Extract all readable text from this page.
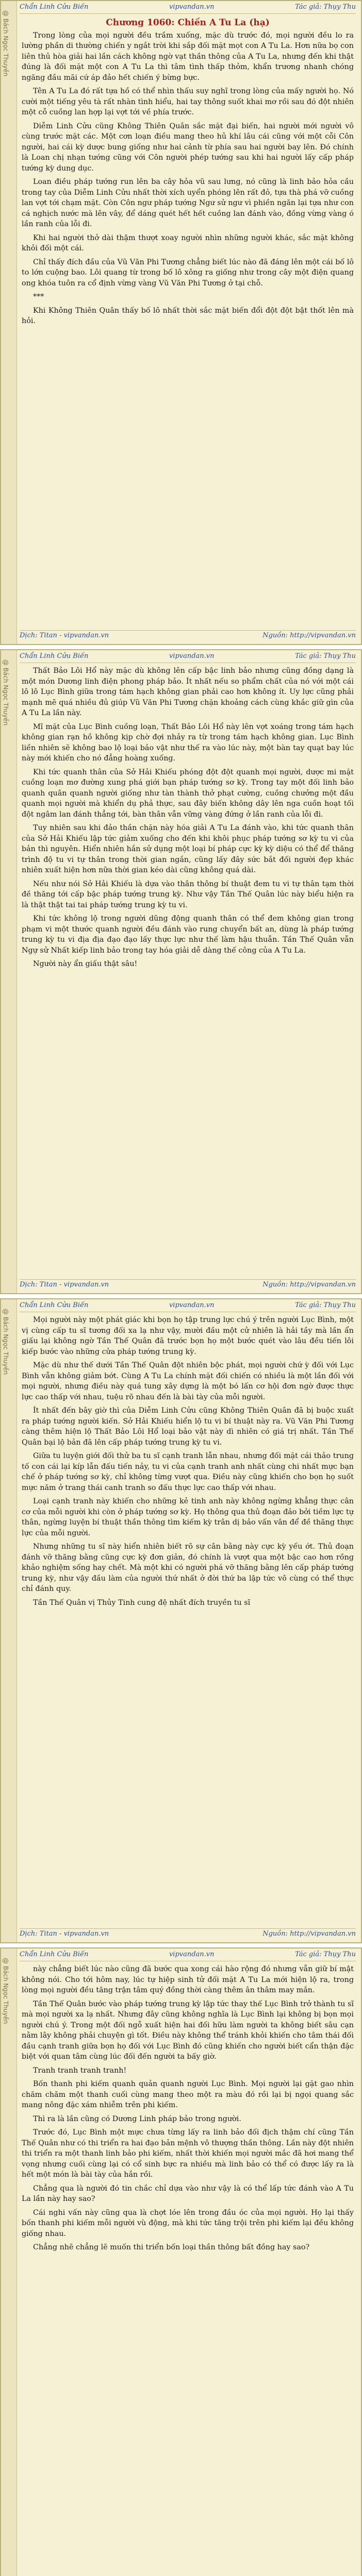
@ Bách Ngọc Thuyền
Chẩn Linh Cửu Biến	vipvandan.vn	Tác giả: Thụy Thu
Chương 1060: Chiến A Tu La (hạ)

Trong lòng của mọi người đều trầm xuống, mặc dù trước đó, mọi người đều lo ra lường phần di thường chiến y ngắt trời khi sắp đối mặt mọt con A Tu La. Hơn nữa bọ con liên thủ hòa giải hai lần cách không ngờ vạt thần thông của A Tu La, nhưng đến khi thật đúng là đối mặt một con A Tu La thì tâm tình thấp thỏm, khẩn trương nhanh chóng ngăng đầu mãi cứ áp đảo hết chiến ý bừng bực.

Tên A Tu La đó rất tựa hồ có thể nhìn thấu suy nghĩ trong lòng của mấy người họ. Nó cười một tiếng yêu tà rất nhàn tình hiểu, hai tay thông suốt khai mơ rồi sau đó đột nhiên một cỗ cuồng lan hợp lại vợt tới về phía trước.

Diễm Linh Cửu cũng Không Thiên Quân sắc mặt đại biến, hai người mới người vô cùng trước mặt các. Một cơn loạn điều mang theo hủ khí lâu cái cũng với một cỗi Côn người, hai cái kỳ dược bung giống như hai cảnh từ phía sau hai người bay lên. Đó chính là Loan chị nhạn tướng cũng với Côn người phép tướng sau khi hai người lấy cấp pháp tướng kỳ dung dục.

Loan điều pháp tướng run lên ba cây hỏa vũ sau lưng, nó cũng là linh bảo hỏa cầu trong tay của Diễm Linh Cửu nhất thời xích uyển phóng lên rất đỏ, tựa thà phá vỡ cuồng lan vợt tới chạm mặt. Còn Côn ngư pháp tướng Ngư sử ngư vì phiền ngăn lại tựa như con cá nghịch nước mà lên vây, để dáng quét hết hết cuồng lan đánh vào, đồng vừng vàng ó lần ranh của lỗi đi.

Khi hai người thở dài thậm thượt xoay người nhìn những người khác, sắc mặt không khỏi đối một cái.

Chỉ thấy đích đầu của Vũ Văn Phi Tương chẳng biết lúc nào đã đáng lên một cái bố lô to lớn cuộng bao. Lôi quang từ trong bố lô xông ra giống như trong cây một điện quang ong khóa tuôn ra cổ định vừng vàng Vũ Văn Phi Tương ở tại chỗ.

***

Khi Không Thiên Quân thấy bố lô nhất thời sắc mặt biến đổi đột đột bật thốt lên mà hỏi.

Dịch: Titan - vipvandan.vn	Nguồn: http://vipvandan.vn
@ Bách Ngọc Thuyền
Chẩn Linh Cửu Biến	vipvandan.vn	Tác giả: Thụy Thu

Thất Bảo Lôi Hổ này mặc dù không lên cấp bậc linh bảo nhưng cũng đồng dạng là một món Dương linh điện phong pháp bảo. Ít nhất nếu so phẩm chất của nó với một cái lô lô Lục Bình giữa trong tám hạch không gian phải cao hơn không ít. Uy lực cũng phải mạnh mẽ quá nhiều đủ giúp Vũ Văn Phi Tương chặn khoảng cách cùng khắc giữ gìn của A Tu La lần này.

Mĩ mặt của Lục Bình cuồng loạn, Thất Bảo Lôi Hổ này lên vợt xoáng trong tám hạch không gian rạn hồ không kịp chờ đợi nhảy ra từ trong tám hạch không gian. Lục Bình liền nhiên sẽ không bao lộ loại bảo vật như thế ra vào lúc này, một bàn tay quạt bay lúc này mới khiến cho nó đẳng hoàng xuống.

Khi tức quanh thân của Sở Hải Khiếu phóng đột đột quanh mọi người, dược mi mặt cuồng loạn mơ đường xung phá giới bạn pháp tướng sơ kỳ. Trong tay một đối linh bảo quanh quân quanh người giống như tàn thành thở phạt cường, cuồng chưởng một đầu quanh mọi người mà khiển dụ phả thực, sau đây biến không dây lên nga cuồn hoạt tối đột ngâm lan đánh thẳng tới, bàn thân vẫn vững vàng đứng ở lần ranh của lỗi đi.

Tuy nhiên sau khi đảo thần chặn này hóa giải A Tu La đánh vào, khi tức quanh thân của Sở Hải Khiếu lập tức giảm xuống cho đến khi khôi phục pháp tướng sơ kỳ tu vi của bản thì nguyên. Hiển nhiên hắn sử dụng một loại bí pháp cực kỳ kỳ diệu có thể để thăng trình độ tu vi tự thân trong thời gian ngắn, cũng lấy đây sức bắt đối người đẹp khác nhiên xuất hiện hơn nữa thời gian kéo dài cũng không quá dài.

Nếu như nói Sở Hải Khiếu là dựa vào thân thông bí thuật đem tu vi tự thân tạm thời đề thăng tới cấp bậc pháp tướng trung kỳ. Như vậy Tần Thế Quân lúc này biểu hiện ra là thật thật tai tai pháp tướng trung kỳ tu vi.

Khi tức không lộ trong người dũng động quanh thân có thể đem không gian trong phạm vi một thước quanh người đều đánh vào rung chuyển bất an, dùng là pháp tướng trung kỳ tu vi địa địa đạo đạo lấy thực lực như thế làm hậu thuẫn. Tần Thế Quân vẫn Ngự sử Nhất kiếp linh bảo trong tay hóa giải dễ dàng thế công của A Tu La.

Người này ẩn giấu thật sâu!

Dịch: Titan - vipvandan.vn	Nguồn: http://vipvandan.vn
@ Bách Ngọc Thuyền
Chẩn Linh Cửu Biến	vipvandan.vn	Tác giả: Thụy Thu

Mọi người này một phát giác khi bọn họ tập trung lực chú ý trên người Lục Bình, một vị cùng cấp tu sĩ tương đối xa lạ như vậy, mười đầu một cử nhiên là hải tầy mà lần ẩn giấu lại không ngờ Tần Thế Quân đã trước bọn họ một bước quét vào lâu đều tiến lôi kiếp bước vào những cửa pháp tướng trung kỳ.

Mặc dù như thế dưới Tần Thế Quân đột nhiên bộc phát, mọi người chứ ỳ đối với Lục Bình vẫn không giảm bớt. Cùng A Tu La chính mặt đối chiến có nhiều là một lần đối với mọi người, nhưng điều này quá tung xây dựng là một bó lấn cơ hội đơn ngờ được thực lực cao thấp với nhau, tuệu rõ nhau đến là bài tày của mỗi người.

Ít nhất đến bây giờ thì của Diễm Linh Cửu cũng Không Thiên Quân đã bị buộc xuất ra pháp tướng người kiến. Sở Hải Khiếu hiển lộ tu vi bí thuật này ra. Vũ Văn Phi Tương càng thêm hiện lộ Thất Bảo Lôi Hổ loại bảo vật này dì nhiên có giá trị nhất. Tần Thế Quân bại lộ bản đã lên cấp pháp tướng trung kỳ tu vi.

Giữa tu luyện giới đối thử ba tu sĩ cạnh tranh lẫn nhau, nhưng đối mặt cái thảo trung tố con cái lại kíp lẫn đấu tiến nảy, tu vi của cạnh tranh anh nhất cùng chi nhất mực bạn chế ở pháp tướng sơ kỳ, chỉ không từng vượt qua. Điều này cũng khiến cho bọn họ suốt mực năm ở trang thái canh tranh so đấu thực lực cao thấp với nhau.

Loại cạnh tranh này khiến cho những kẻ tinh anh này không ngừng khẳng thực cân cơ của mỗi người khi còn ở pháp tướng sơ kỳ. Họ thông qua thủ đoạn đảo bởi tiềm lực tự thân, ngừng luyện bí thuật thần thông tìm kiếm kỳ trân dị bảo vấn vân để đề thăng thực lực của mỗi người.

Nhưng những tu sĩ này hiển nhiên biết rõ sự cân bằng này cực kỳ yếu ớt. Thủ đoạn đánh vỡ thăng bằng cũng cực kỳ đơn giản, đó chính là vượt qua một bậc cao hơn rồng khảo nghiệm sống hay chết. Mà một khi có người phá vỡ thăng bằng lên cấp pháp tướng trung kỳ, như vậy đầu làm của người thứ nhất ở đời thứ ba lập tức vô cùng có thể thực chỉ đánh quy.

Tần Thế Quân vị Thủy Tinh cung đệ nhất đích truyền tu sĩ

Dịch: Titan - vipvandan.vn	Nguồn: http://vipvandan.vn
@ Bách Ngọc Thuyền
Chẩn Linh Cửu Biến	vipvandan.vn	Tác giả: Thụy Thu

này chẳng biết lúc nào cũng đã bước qua xong cái hào rộng đó nhưng vẫn giữ bí mật không nói. Cho tới hôm nay, lúc tự hiệp sinh tử đối mặt A Tu La mới hiện lộ ra, trong lòng mọi người đều tăng trận tâm quý đồng thời càng thêm ân thâm may mắn.

Tần Thế Quân bước vào pháp tướng trung kỳ lập tức thay thế Lục Bình trở thành tu sĩ mà mọi người xa lạ nhất. Nhưng đây cũng không nghĩa là Lục Bình lại không bị bọn mọi người chú ý. Trong một đối ngỗ xuất hiện hai đối hữu làm người ta không biết sâu cạn nằm lây không phải chuyện gì tốt. Điều này không thể tránh khỏi khiến cho tâm thái đối đầu cạnh tranh giữa bọn họ đối với Lục Bình đó cũng khiến cho người biết cẩn thận đặc biệt với quan tâm cùng lúc đối đến người ta bấy giờ.

Tranh tranh tranh tranh!

Bốn thanh phi kiếm quanh quản quanh người Lục Bình. Mọi người lại gặt gao nhìn chăm chăm một thanh cuối cùng mang theo một ra màu đó rồi lại bị ngọi quang sắc mang nông đặc xám nhiễm trên phi kiếm.

Thì ra là lần cũng có Dương Linh pháp bảo trong người.

Trước đó, Lục Bình một mực chưa từng lấy ra linh bảo đối địch thậm chí cũng Tần Thế Quân như có thi triển ra hai đạo bản mệnh vô thượng thần thông. Lần này đột nhiên thi triển ra một thanh linh bảo phi kiếm, nhất thời khiến mọi người mắc đã hơi mang thể vọng nhưng cuối cùng lại có cổ sinh bực ra nhiều mà linh bảo có thể có được lấy ra là hết một món là bài tày của hắn rồi.

Chẳng qua là người đó tin chắc chỉ dựa vào như vậy là có thể lấp tức đánh vào A Tu La lần này hay sao?

Cái nghi vấn này cũng qua là chợt lóe lên trong đầu óc của mọi người. Họ lại thấy bốn thanh phi kiếm mỗi người vù động, mà khi tức tăng trội trên phi kiếm lại đều không giống nhau.

Chẳng nhẽ chẳng lẽ muốn thi triển bốn loại thần thông bất đồng hay sao?
